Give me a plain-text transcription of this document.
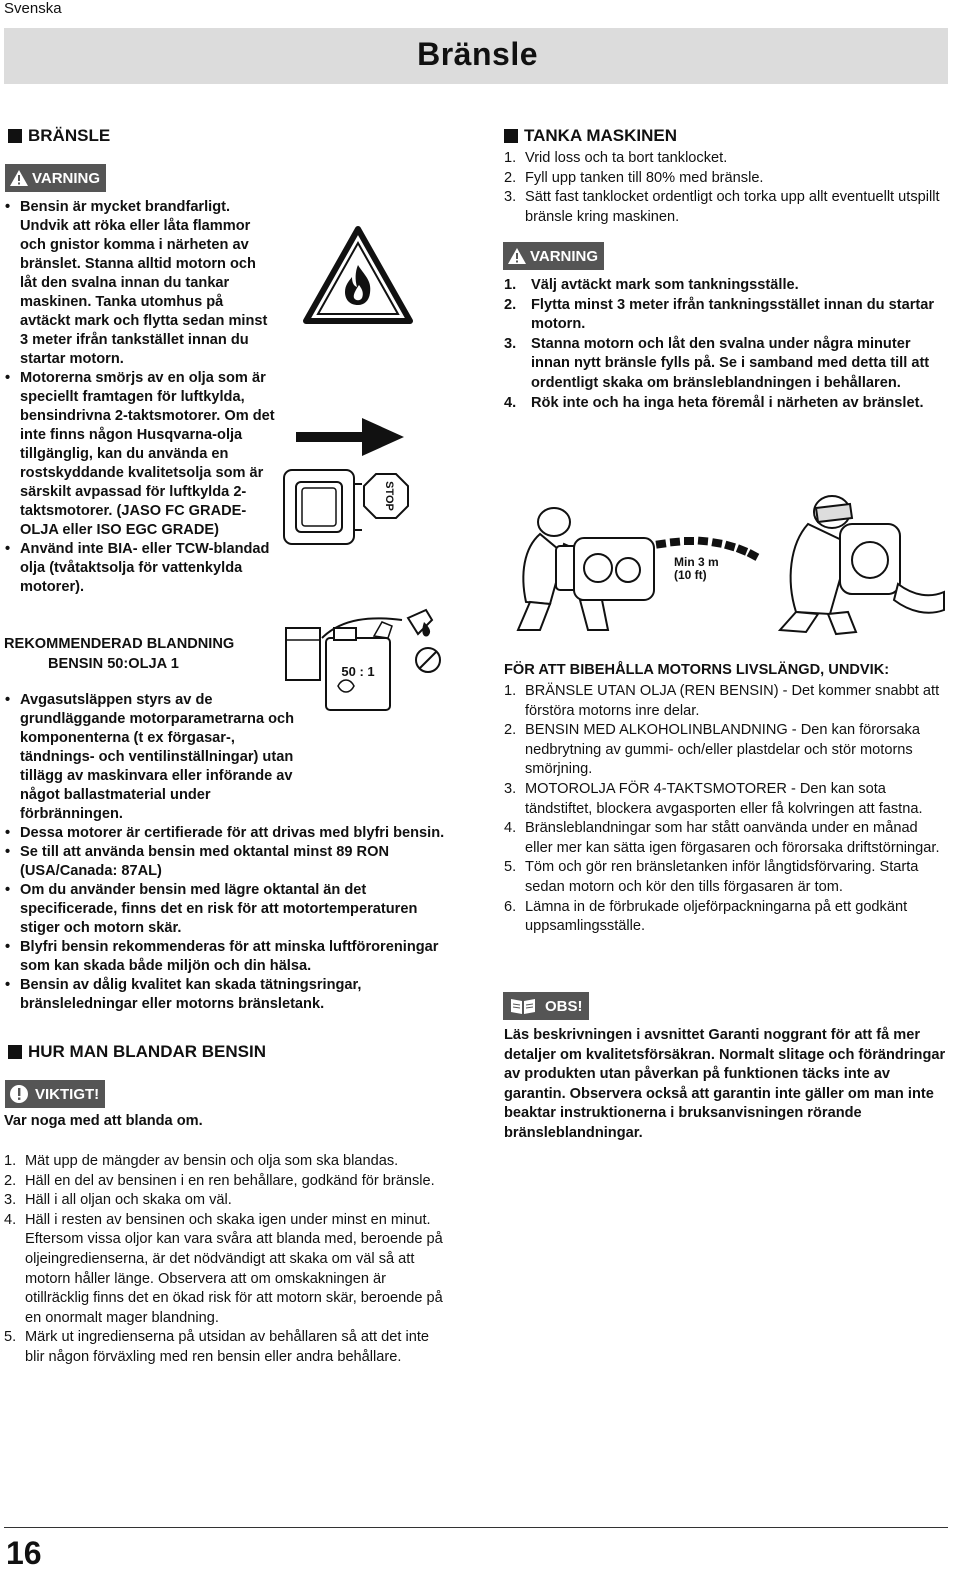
Svenska
Bränsle
BRÄNSLE
VARNING
• Bensin är mycket brandfarligt. Undvik att röka eller låta flammor och gnistor komma i närheten av bränslet. Stanna alltid motorn och låt den svalna innan du tankar maskinen. Tanka utomhus på avtäckt mark och flytta sedan minst 3 meter ifrån tankstället innan du startar motorn.
• Motorerna smörjs av en olja som är speciellt framtagen för luftkylda, bensindrivna 2-taktsmotorer. Om det inte finns någon Husqvarna-olja tillgänglig, kan du använda en rostskyddande kvalitetsolja som är särskilt avpassad för luftkylda 2-taktsmotorer. (JASO FC GRADE-OLJA eller ISO EGC GRADE)
• Använd inte BIA- eller TCW-blandad olja (tvåtaktsolja för vattenkylda motorer).
STOP
REKOMMENDERAD BLANDNING
BENSIN 50:OLJA 1	50 : 1
• Avgasutsläppen styrs av de grundläggande motorparametrarna och komponenterna (t ex förgasar-, tändnings- och ventilinställningar) utan tillägg av maskinvara eller införande av något ballastmaterial under förbränningen.
• Dessa motorer är certifierade för att drivas med blyfri bensin.
• Se till att använda bensin med oktantal minst 89 RON (USA/Canada: 87AL)
• Om du använder bensin med lägre oktantal än det specificerade, finns det en risk för att motortemperaturen stiger och motorn skär.
• Blyfri bensin rekommenderas för att minska luftföroreningar som kan skada både miljön och din hälsa.
• Bensin av dålig kvalitet kan skada tätningsringar, bränsleledningar eller motorns bränsletank.
HUR MAN BLANDAR BENSIN
VIKTIGT!
Var noga med att blanda om.
1. Mät upp de mängder av bensin och olja som ska blandas.
2. Häll en del av bensinen i en ren behållare, godkänd för bränsle.
3. Häll i all oljan och skaka om väl.
4. Häll i resten av bensinen och skaka igen under minst en minut. Eftersom vissa oljor kan vara svåra att blanda med, beroende på oljeingredienserna, är det nödvändigt att skaka om väl så att motorn håller länge. Observera att om omskakningen är otillräcklig finns det en ökad risk för att motorn skär, beroende på en onormalt mager blandning.
5. Märk ut ingredienserna på utsidan av behållaren så att det inte blir någon förväxling med ren bensin eller andra behållare.
TANKA MASKINEN
1. Vrid loss och ta bort tanklocket.
2. Fyll upp tanken till 80% med bränsle.
3. Sätt fast tanklocket ordentligt och torka upp allt eventuellt utspillt bränsle kring maskinen.
VARNING
1. Välj avtäckt mark som tankningsställe.
2. Flytta minst 3 meter ifrån tankningsstället innan du startar motorn.
3. Stanna motorn och låt den svalna under några minuter innan nytt bränsle fylls på. Se i samband med detta till att ordentligt skaka om bränsleblandningen i behållaren.
4. Rök inte och ha inga heta föremål i närheten av bränslet.
Min 3 m
(10 ft)
FÖR ATT BIBEHÅLLA MOTORNS LIVSLÄNGD, UNDVIK:
1. BRÄNSLE UTAN OLJA (REN BENSIN) - Det kommer snabbt att förstöra motorns inre delar.
2. BENSIN MED ALKOHOLINBLANDNING - Den kan förorsaka nedbrytning av gummi- och/eller plastdelar och stör motorns smörjning.
3. MOTOROLJA FÖR 4-TAKTSMOTORER - Den kan sota tändstiftet, blockera avgasporten eller få kolvringen att fastna.
4. Bränsleblandningar som har stått oanvända under en månad eller mer kan sätta igen förgasaren och förorsaka driftstörningar.
5. Töm och gör ren bränsletanken inför långtidsförvaring. Starta sedan motorn och kör den tills förgasaren är tom.
6. Lämna in de förbrukade oljeförpackningarna på ett godkänt uppsamlingsställe.
OBS!
Läs beskrivningen i avsnittet Garanti noggrant för att få mer detaljer om kvalitetsförsäkran. Normalt slitage och förändringar av produkten utan påverkan på funktionen täcks inte av garantin. Observera också att garantin inte gäller om man inte beaktar instruktionerna i bruksanvisningen rörande bränsleblandningar.
16
